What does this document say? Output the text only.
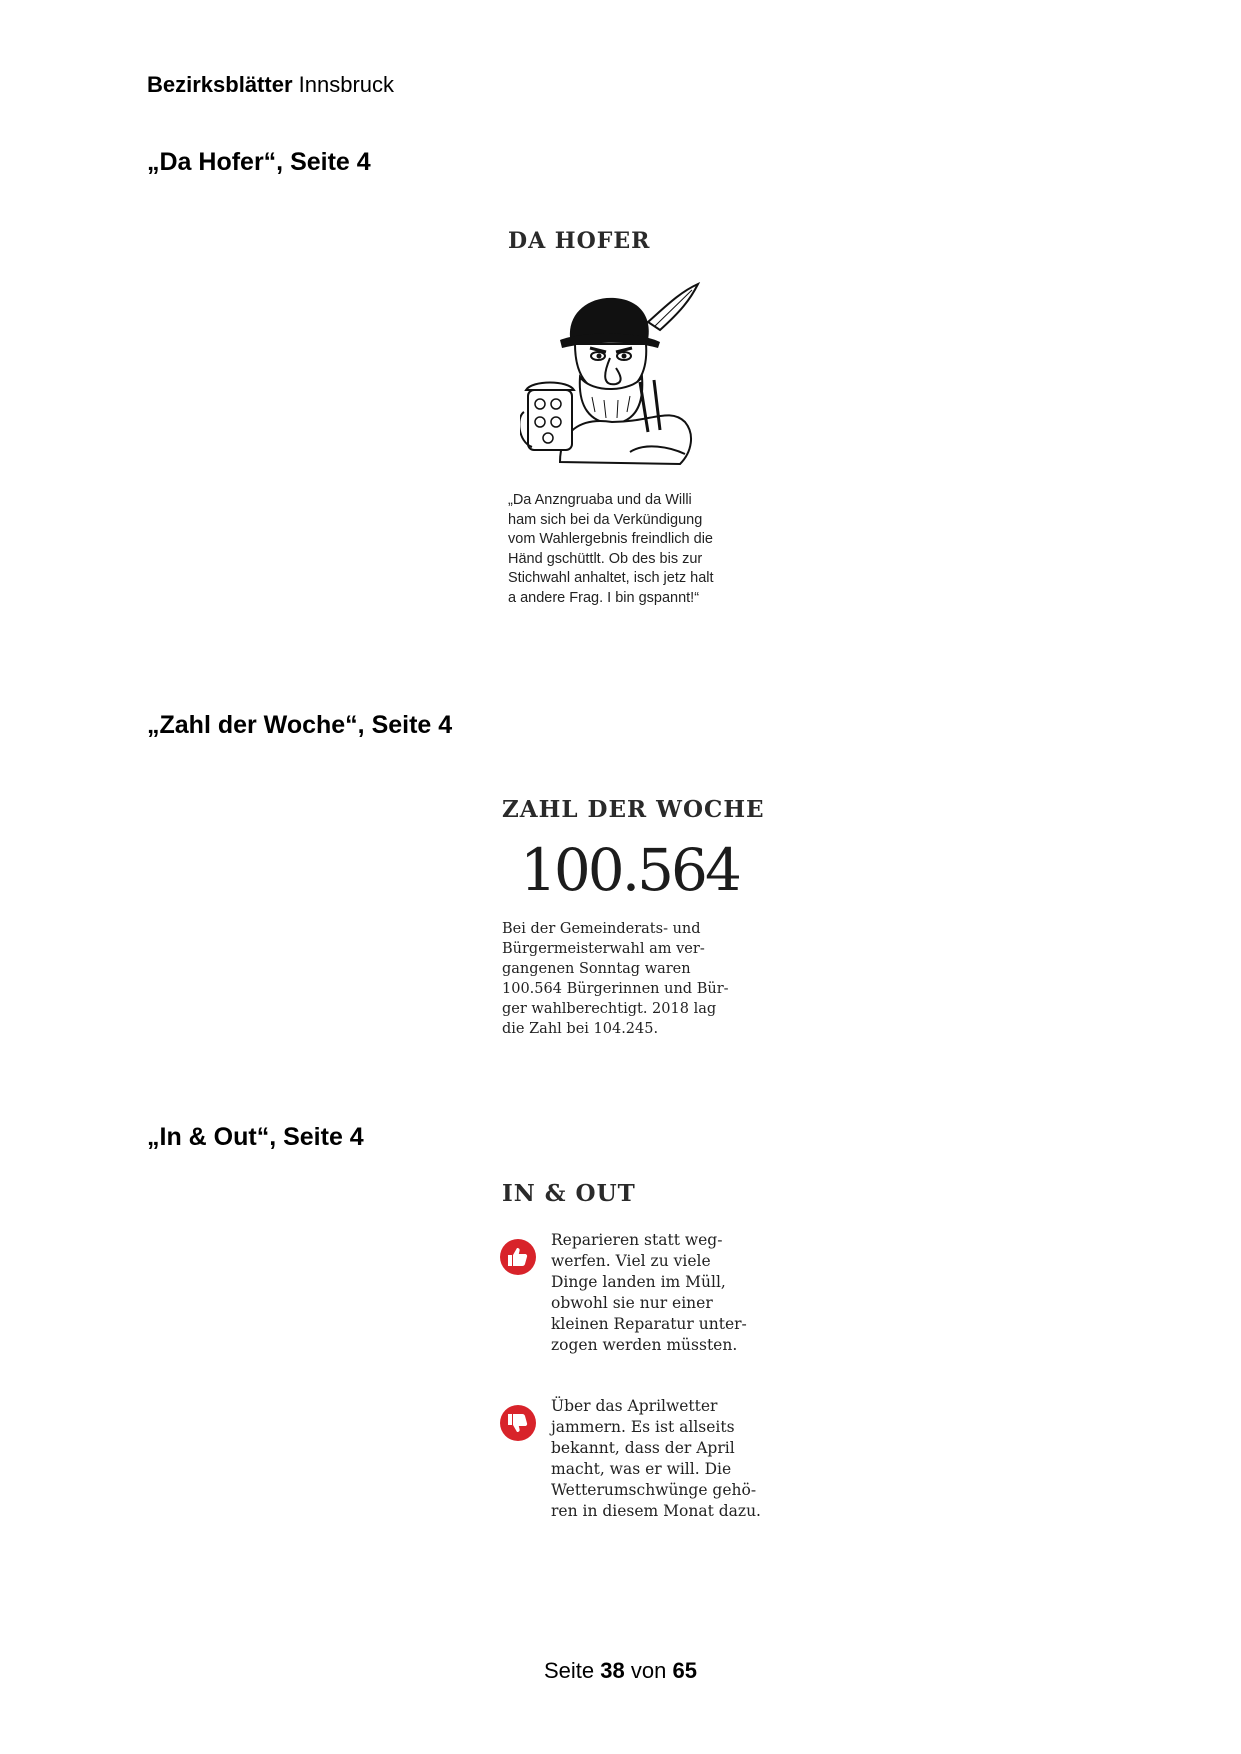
Bezirksblätter Innsbruck
„Da Hofer“, Seite 4
DA HOFER
„Da Anzngruaba und da Willi
ham sich bei da Verkündigung
vom Wahlergebnis freindlich die
Händ gschüttlt. Ob des bis zur
Stichwahl anhaltet, isch jetz halt
a andere Frag. I bin gspannt!“
„Zahl der Woche“, Seite 4
ZAHL DER WOCHE
100.564
Bei der Gemeinderats- und
Bürgermeisterwahl am ver-
gangenen Sonntag waren
100.564 Bürgerinnen und Bür-
ger wahlberechtigt. 2018 lag
die Zahl bei 104.245.
„In & Out“, Seite 4
IN & OUT
Reparieren statt weg-
werfen. Viel zu viele
Dinge landen im Müll,
obwohl sie nur einer
kleinen Reparatur unter-
zogen werden müssten.
Über das Aprilwetter
jammern. Es ist allseits
bekannt, dass der April
macht, was er will. Die
Wetterumschwünge gehö-
ren in diesem Monat dazu.
Seite 38 von 65
